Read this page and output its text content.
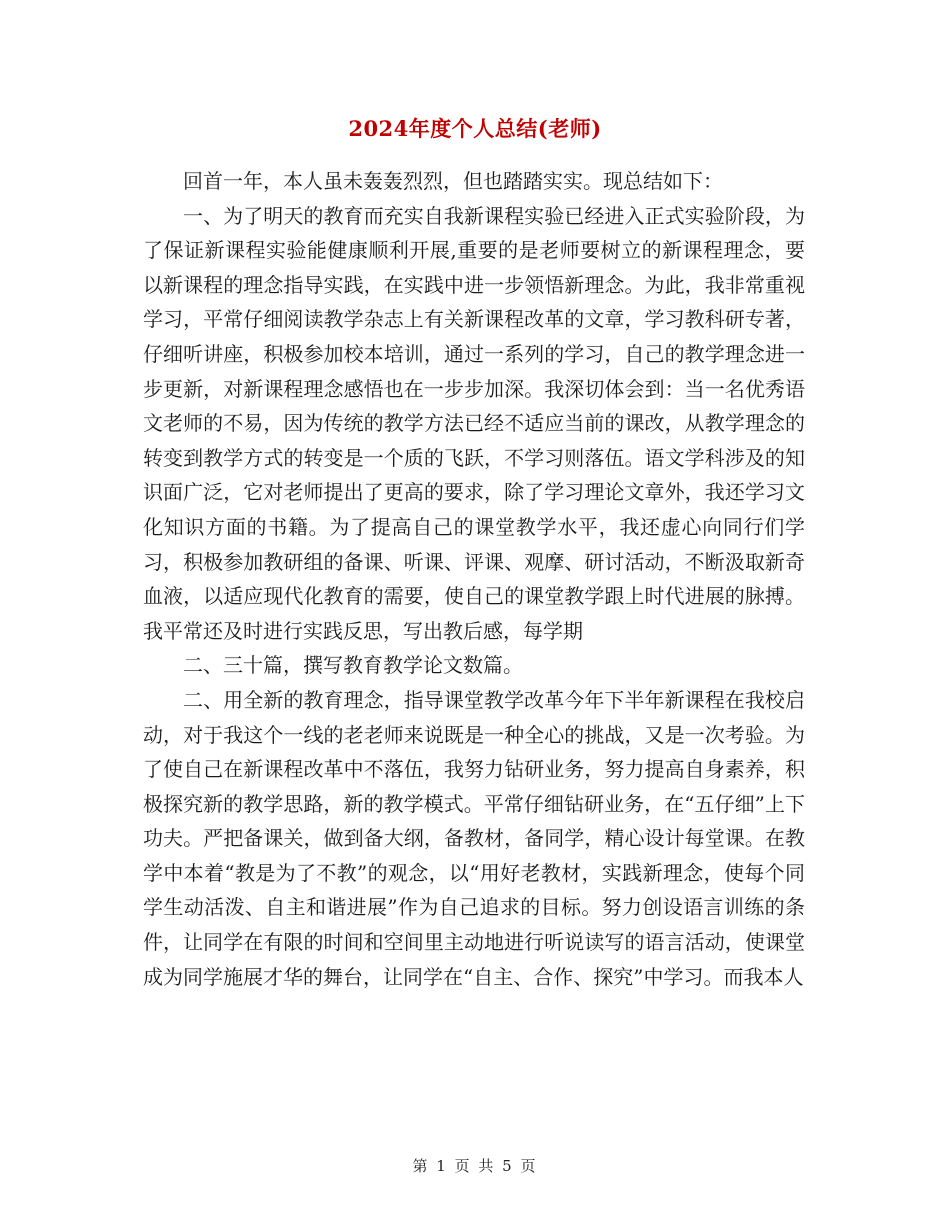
2024年度个人总结(老师)

回首一年，本人虽未轰轰烈烈，但也踏踏实实。现总结如下：

一、为了明天的教育而充实自我新课程实验已经进入正式实验阶段，为了保证新课程实验能健康顺利开展,重要的是老师要树立的新课程理念，要以新课程的理念指导实践，在实践中进一步领悟新理念。为此，我非常重视学习，平常仔细阅读教学杂志上有关新课程改革的文章，学习教科研专著，仔细听讲座，积极参加校本培训，通过一系列的学习，自己的教学理念进一步更新，对新课程理念感悟也在一步步加深。我深切体会到：当一名优秀语文老师的不易，因为传统的教学方法已经不适应当前的课改，从教学理念的转变到教学方式的转变是一个质的飞跃，不学习则落伍。语文学科涉及的知识面广泛，它对老师提出了更高的要求，除了学习理论文章外，我还学习文化知识方面的书籍。为了提高自己的课堂教学水平，我还虚心向同行们学习，积极参加教研组的备课、听课、评课、观摩、研讨活动，不断汲取新奇血液，以适应现代化教育的需要，使自己的课堂教学跟上时代进展的脉搏。我平常还及时进行实践反思，写出教后感，每学期

二、三十篇，撰写教育教学论文数篇。

二、用全新的教育理念，指导课堂教学改革今年下半年新课程在我校启动，对于我这个一线的老老师来说既是一种全心的挑战，又是一次考验。为了使自己在新课程改革中不落伍，我努力钻研业务，努力提高自身素养，积极探究新的教学思路，新的教学模式。平常仔细钻研业务，在“五仔细”上下功夫。严把备课关，做到备大纲，备教材，备同学，精心设计每堂课。在教学中本着“教是为了不教”的观念，以“用好老教材，实践新理念，使每个同学生动活泼、自主和谐进展”作为自己追求的目标。努力创设语言训练的条件，让同学在有限的时间和空间里主动地进行听说读写的语言活动，使课堂成为同学施展才华的舞台，让同学在“自主、合作、探究”中学习。而我本人

第 1 页 共 5 页
